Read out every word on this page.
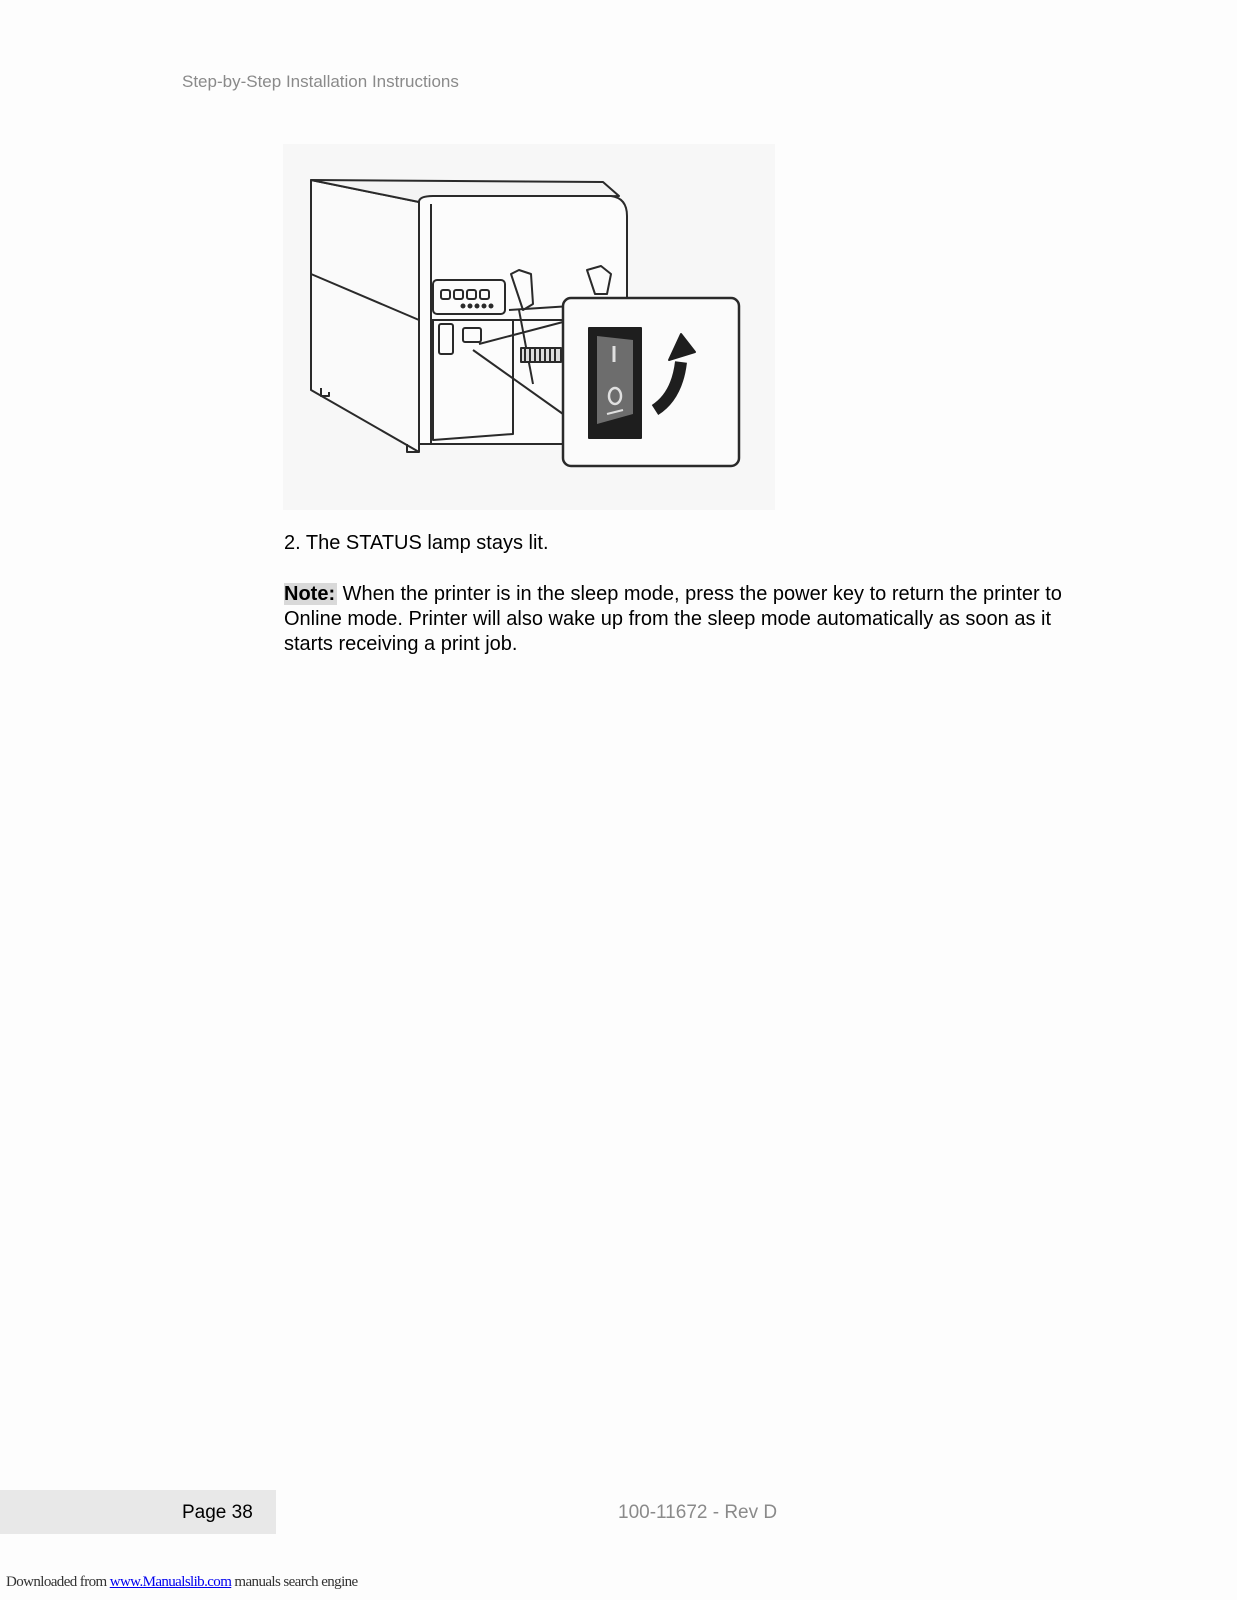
Step-by-Step Installation Instructions
2. The STATUS lamp stays lit.
Note: When the printer is in the sleep mode, press the power key to return the printer to Online mode. Printer will also wake up from the sleep mode automatically as soon as it starts receiving a print job.
Page 38	100-11672 - Rev D
Downloaded from www.Manualslib.com manuals search engine
